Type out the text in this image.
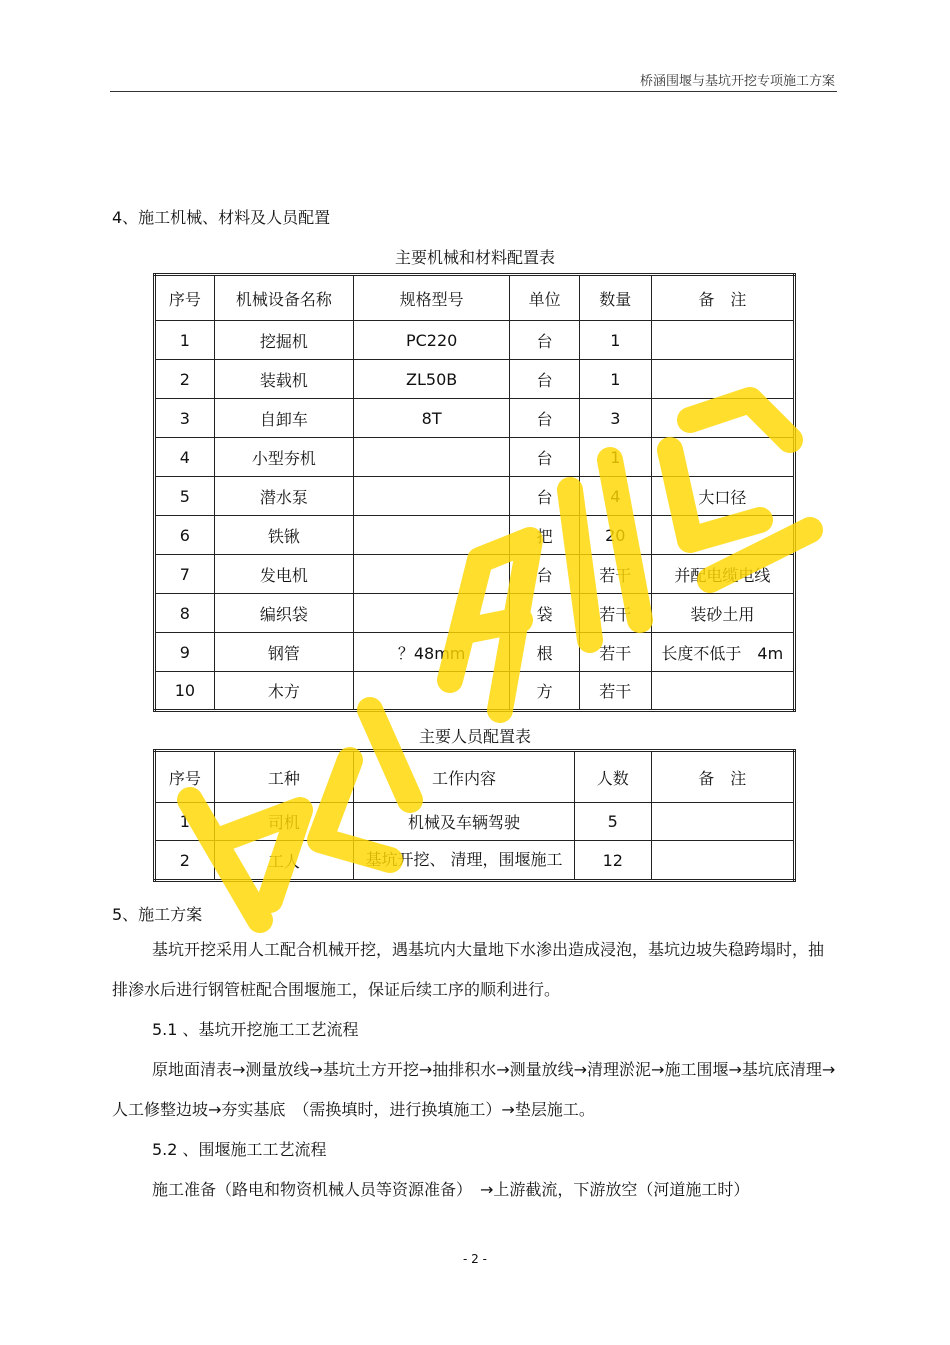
桥涵围堰与基坑开挖专项施工方案
4、施工机械、材料及人员配置
主要机械和材料配置表
序号	机械设备名称	规格型号	单位	数量	备　注
1	挖掘机	PC220	台	1	
2	装载机	ZL50B	台	1	
3	自卸车	8T	台	3	
4	小型夯机		台	1	
5	潜水泵		台	4	大口径
6	铁锹		把	20	
7	发电机		台	若干	并配电缆电线
8	编织袋		袋	若干	装砂土用
9	钢管	？48mm	根	若干	长度不低于　4m
10	木方		方	若干	
主要人员配置表
序号	工种	工作内容	人数	备　注
1	司机	机械及车辆驾驶	5	
2	工人	基坑开挖、 清理，围堰施工	12	
5、施工方案
基坑开挖采用人工配合机械开挖，遇基坑内大量地下水渗出造成浸泡，基坑边坡失稳跨塌时，抽排渗水后进行钢管桩配合围堰施工，保证后续工序的顺利进行。
5.1 、基坑开挖施工工艺流程
原地面清表→测量放线→基坑土方开挖→抽排积水→测量放线→清理淤泥→施工围堰→基坑底清理→人工修整边坡→夯实基底　（需换填时，进行换填施工）→垫层施工。
5.2 、围堰施工工艺流程
施工准备（路电和物资机械人员等资源准备）　→上游截流，下游放空（河道施工时）
- 2 -
